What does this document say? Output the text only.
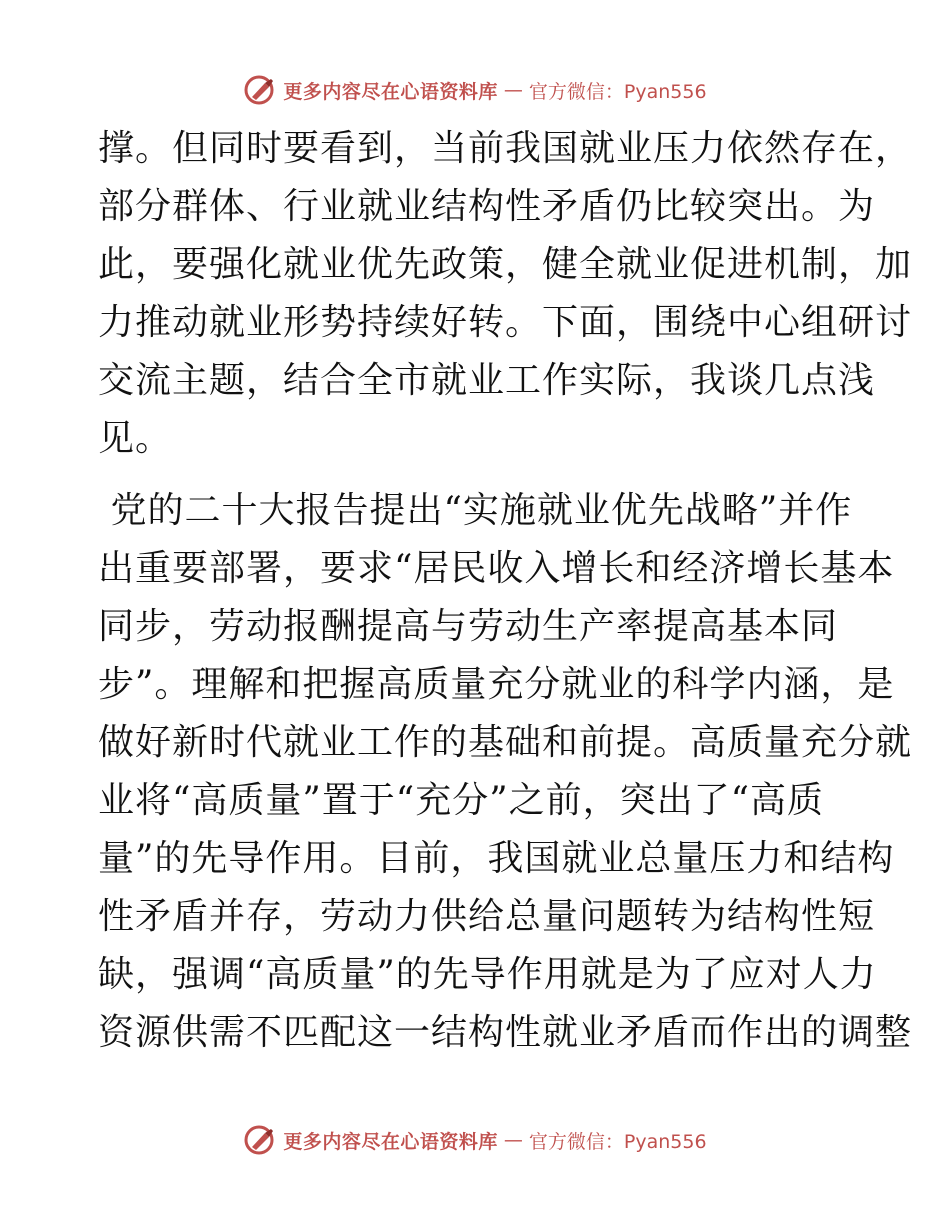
更多内容尽在心语资料库 — 官方微信：Pyan556
撑。但同时要看到，当前我国就业压力依然存在，
部分群体、行业就业结构性矛盾仍比较突出。为
此，要强化就业优先政策，健全就业促进机制，加
力推动就业形势持续好转。下面，围绕中心组研讨
交流主题，结合全市就业工作实际，我谈几点浅
见。
党的二十大报告提出“实施就业优先战略”并作
出重要部署，要求“居民收入增长和经济增长基本
同步，劳动报酬提高与劳动生产率提高基本同
步”。理解和把握高质量充分就业的科学内涵，是
做好新时代就业工作的基础和前提。高质量充分就
业将“高质量”置于“充分”之前，突出了“高质
量”的先导作用。目前，我国就业总量压力和结构
性矛盾并存，劳动力供给总量问题转为结构性短
缺，强调“高质量”的先导作用就是为了应对人力
资源供需不匹配这一结构性就业矛盾而作出的调整
更多内容尽在心语资料库 — 官方微信：Pyan556
